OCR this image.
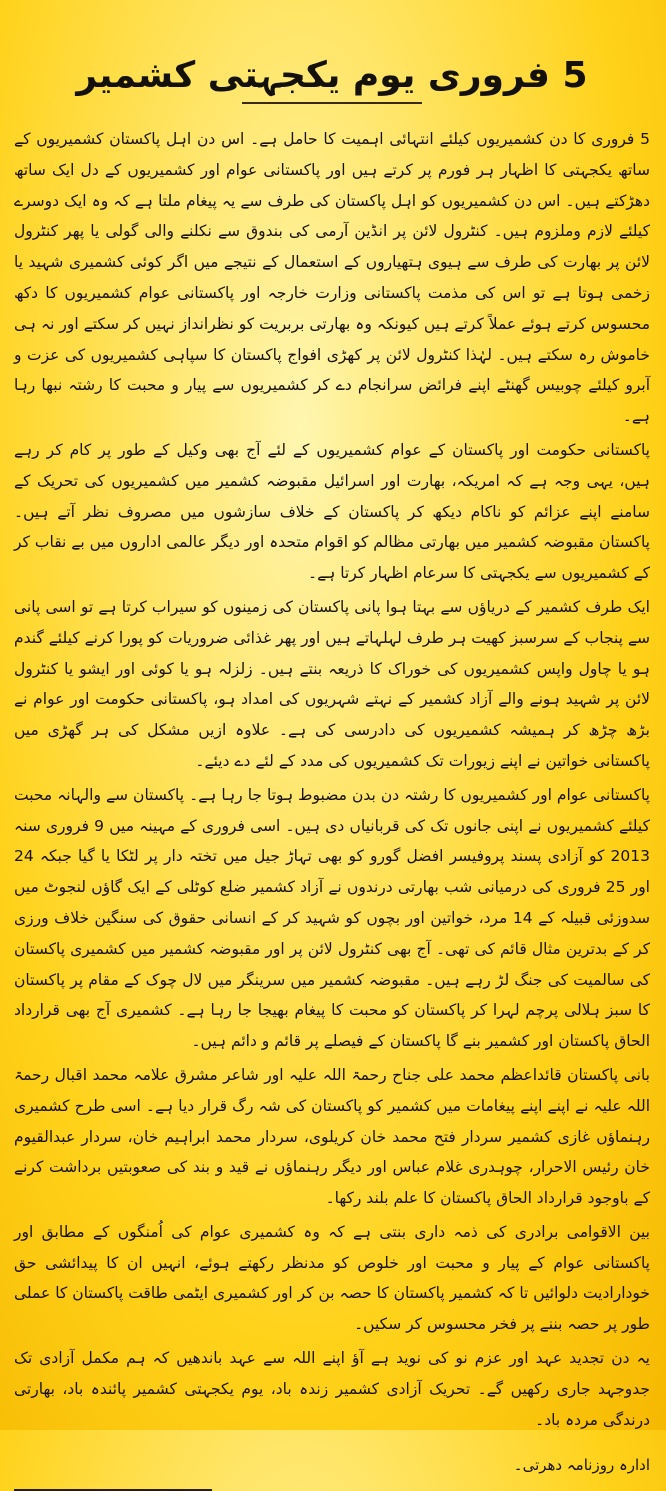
5 فروری یوم یکجہتی کشمیر

5 فروری کا دن کشمیریوں کیلئے انتہائی اہمیت کا حامل ہے۔ اس دن اہل پاکستان کشمیریوں کے ساتھ یکجہتی کا اظہار ہر فورم پر کرتے ہیں اور پاکستانی عوام اور کشمیریوں کے دل ایک ساتھ دھڑکتے ہیں۔ اس دن کشمیریوں کو اہل پاکستان کی طرف سے یہ پیغام ملتا ہے کہ وہ ایک دوسرے کیلئے لازم وملزوم ہیں۔ کنٹرول لائن پر انڈین آرمی کی بندوق سے نکلنے والی گولی یا پھر کنٹرول لائن پر بھارت کی طرف سے ہیوی ہتھیاروں کے استعمال کے نتیجے میں اگر کوئی کشمیری شہید یا زخمی ہوتا ہے تو اس کی مذمت پاکستانی وزارت خارجہ اور پاکستانی عوام کشمیریوں کا دکھ محسوس کرتے ہوئے عملاً کرتے ہیں کیونکہ وہ بھارتی بربریت کو نظرانداز نہیں کر سکتے اور نہ ہی خاموش رہ سکتے ہیں۔ لہٰذا کنٹرول لائن پر کھڑی افواج پاکستان کا سپاہی کشمیریوں کی عزت و آبرو کیلئے چوبیس گھنٹے اپنے فرائض سرانجام دے کر کشمیریوں سے پیار و محبت کا رشتہ نبھا رہا ہے۔

پاکستانی حکومت اور پاکستان کے عوام کشمیریوں کے لئے آج بھی وکیل کے طور پر کام کر رہے ہیں، یہی وجہ ہے کہ امریکہ، بھارت اور اسرائیل مقبوضہ کشمیر میں کشمیریوں کی تحریک کے سامنے اپنے عزائم کو ناکام دیکھ کر پاکستان کے خلاف سازشوں میں مصروف نظر آتے ہیں۔ پاکستان مقبوضہ کشمیر میں بھارتی مظالم کو اقوام متحدہ اور دیگر عالمی اداروں میں بے نقاب کر کے کشمیریوں سے یکجہتی کا سرعام اظہار کرتا ہے۔

ایک طرف کشمیر کے دریاؤں سے بہتا ہوا پانی پاکستان کی زمینوں کو سیراب کرتا ہے تو اسی پانی سے پنجاب کے سرسبز کھیت ہر طرف لہلہاتے ہیں اور پھر غذائی ضروریات کو پورا کرنے کیلئے گندم ہو یا چاول واپس کشمیریوں کی خوراک کا ذریعہ بنتے ہیں۔ زلزلہ ہو یا کوئی اور ایشو یا کنٹرول لائن پر شہید ہونے والے آزاد کشمیر کے نہتے شہریوں کی امداد ہو، پاکستانی حکومت اور عوام نے بڑھ چڑھ کر ہمیشہ کشمیریوں کی دادرسی کی ہے۔ علاوہ ازیں مشکل کی ہر گھڑی میں پاکستانی خواتین نے اپنے زیورات تک کشمیریوں کی مدد کے لئے دے دیئے۔

پاکستانی عوام اور کشمیریوں کا رشتہ دن بدن مضبوط ہوتا جا رہا ہے۔ پاکستان سے والہانہ محبت کیلئے کشمیریوں نے اپنی جانوں تک کی قربانیاں دی ہیں۔ اسی فروری کے مہینہ میں 9 فروری سنہ 2013 کو آزادی پسند پروفیسر افضل گورو کو بھی تہاڑ جیل میں تختہ دار پر لٹکا یا گیا جبکہ 24 اور 25 فروری کی درمیانی شب بھارتی درندوں نے آزاد کشمیر ضلع کوٹلی کے ایک گاؤں لنجوٹ میں سدوزئی قبیلہ کے 14 مرد، خواتین اور بچوں کو شہید کر کے انسانی حقوق کی سنگین خلاف ورزی کر کے بدترین مثال قائم کی تھی۔ آج بھی کنٹرول لائن پر اور مقبوضہ کشمیر میں کشمیری پاکستان کی سالمیت کی جنگ لڑ رہے ہیں۔ مقبوضہ کشمیر میں سرینگر میں لال چوک کے مقام پر پاکستان کا سبز ہلالی پرچم لہرا کر پاکستان کو محبت کا پیغام بھیجا جا رہا ہے۔ کشمیری آج بھی قرارداد الحاق پاکستان اور کشمیر بنے گا پاکستان کے فیصلے پر قائم و دائم ہیں۔

بانی پاکستان قائداعظم محمد علی جناح رحمۃ اللہ علیہ اور شاعر مشرق علامہ محمد اقبال رحمۃ اللہ علیہ نے اپنے اپنے پیغامات میں کشمیر کو پاکستان کی شہ رگ قرار دیا ہے۔ اسی طرح کشمیری رہنماؤں غازی کشمیر سردار فتح محمد خان کریلوی، سردار محمد ابراہیم خان، سردار عبدالقیوم خان رئیس الاحرار، چوہدری غلام عباس اور دیگر رہنماؤں نے قید و بند کی صعوبتیں برداشت کرنے کے باوجود قرارداد الحاق پاکستان کا علم بلند رکھا۔

بین الاقوامی برادری کی ذمہ داری بنتی ہے کہ وہ کشمیری عوام کی اُمنگوں کے مطابق اور پاکستانی عوام کے پیار و محبت اور خلوص کو مدنظر رکھتے ہوئے، انہیں ان کا پیدائشی حق خودارادیت دلوائیں تا کہ کشمیر پاکستان کا حصہ بن کر اور کشمیری ایٹمی طاقت پاکستان کا عملی طور پر حصہ بننے پر فخر محسوس کر سکیں۔

یہ دن تجدید عہد اور عزم نو کی نوید ہے آؤ اپنے اللہ سے عہد باندھیں کہ ہم مکمل آزادی تک جدوجہد جاری رکھیں گے۔ تحریک آزادی کشمیر زندہ باد، یوم یکجہتی کشمیر پائندہ باد، بھارتی درندگی مردہ باد۔

ادارہ روزنامہ دھرتی۔
